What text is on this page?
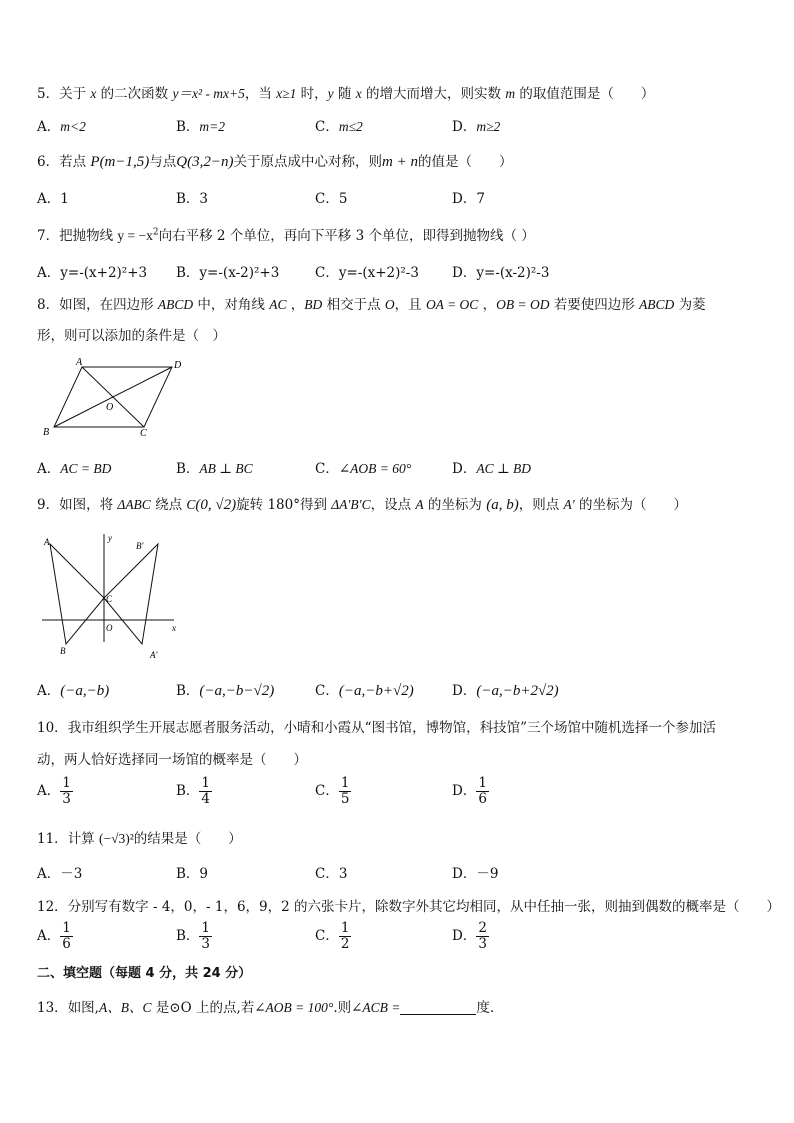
5．关于 x 的二次函数 y＝x² - mx+5，当 x≥1 时，y 随 x 的增大而增大，则实数 m 的取值范围是（　　）
A．m<2	B．m=2	C．m≤2	D．m≥2
6．若点 P(m−1,5)与点Q(3,2−n)关于原点成中心对称，则m + n的值是（　　）
A．1	B．3	C．5	D．7
7．把抛物线 $y = -x^2$向右平移 2 个单位，再向下平移 3 个单位，即得到抛物线（ ）
A．y=-(x+2)²+3 B．y=-(x-2)²+3	C．y=-(x+2)²-3 D．y=-(x-2)²-3
8．如图，在四边形 ABCD 中，对角线 AC ，BD 相交于点 O，且 OA = OC ，OB = OD 若要使四边形 ABCD 为菱
形，则可以添加的条件是（　）
A	D
B	C
O
A．AC = BD	B．AB ⊥ BC	C．∠AOB = 60°	D．AC ⊥ BD
9．如图，将 ΔABC 绕点 C(0, √2)旋转 180°得到 ΔA′B′C，设点 A 的坐标为 (a, b)，则点 A′ 的坐标为（　　）
A
B
B′
A′
C
O	x
y
A．(−a,−b)	B．(−a,−b−√2)	C．(−a,−b+√2)	D．(−a,−b+2√2)
10．我市组织学生开展志愿者服务活动，小晴和小霞从“图书馆，博物馆，科技馆”三个场馆中随机选择一个参加活
动，两人恰好选择同一场馆的概率是（　　）
A． $\frac{1}{3}$	B． $\frac{1}{4}$	C． $\frac{1}{5}$	D． $\frac{1}{6}$
11．计算 (−√3)²的结果是（　　）
A．－3	B．9	C．3	D．－9
12．分别写有数字 - 4，0，- 1，6，9，2 的六张卡片，除数字外其它均相同，从中任抽一张，则抽到偶数的概率是（　　）
A． $\frac{1}{6}$	B． $\frac{1}{3}$	C． $\frac{1}{2}$	D． $\frac{2}{3}$
二、填空题（每题 4 分，共 24 分）
13．如图,A、B、C 是⊙O 上的点,若∠AOB = 100°.则∠ACB =	度.
